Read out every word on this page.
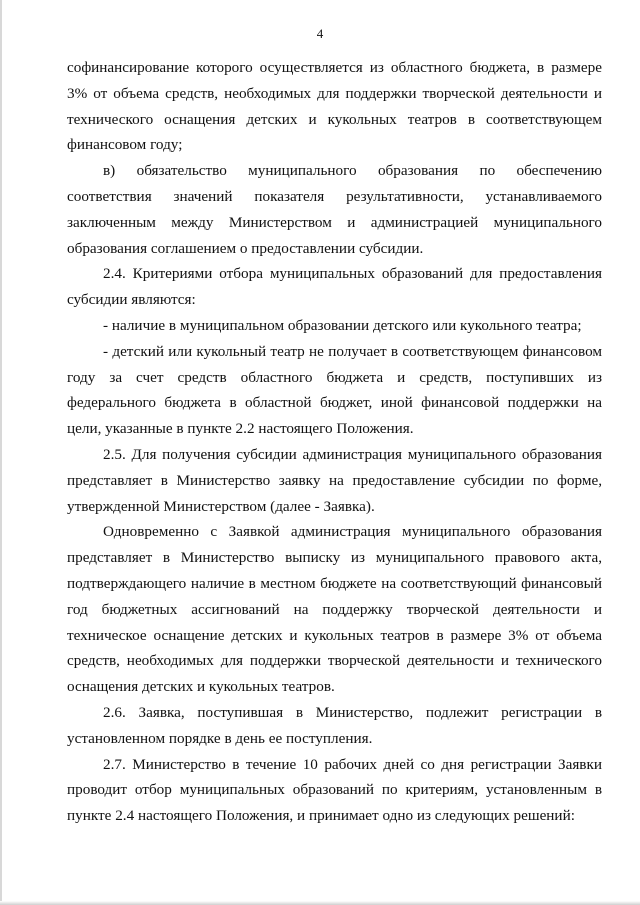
4

софинансирование которого осуществляется из областного бюджета, в размере 3% от объема средств, необходимых для поддержки творческой деятельности и технического оснащения детских и кукольных театров в соответствующем финансовом году;

в) обязательство муниципального образования по обеспечению соответствия значений показателя результативности, устанавливаемого заключенным между Министерством и администрацией муниципального образования соглашением о предоставлении субсидии.

2.4. Критериями отбора муниципальных образований для предоставления субсидии являются:

- наличие в муниципальном образовании детского или кукольного театра;

- детский или кукольный театр не получает в соответствующем финансовом году за счет средств областного бюджета и средств, поступивших из федерального бюджета в областной бюджет, иной финансовой поддержки на цели, указанные в пункте 2.2 настоящего Положения.

2.5. Для получения субсидии администрация муниципального образования представляет в Министерство заявку на предоставление субсидии по форме, утвержденной Министерством (далее - Заявка).

Одновременно с Заявкой администрация муниципального образования представляет в Министерство выписку из муниципального правового акта, подтверждающего наличие в местном бюджете на соответствующий финансовый год бюджетных ассигнований на поддержку творческой деятельности и техническое оснащение детских и кукольных театров в размере 3% от объема средств, необходимых для поддержки творческой деятельности и технического оснащения детских и кукольных театров.

2.6. Заявка, поступившая в Министерство, подлежит регистрации в установленном порядке в день ее поступления.

2.7. Министерство в течение 10 рабочих дней со дня регистрации Заявки проводит отбор муниципальных образований по критериям, установленным в пункте 2.4 настоящего Положения, и принимает одно из следующих решений:
